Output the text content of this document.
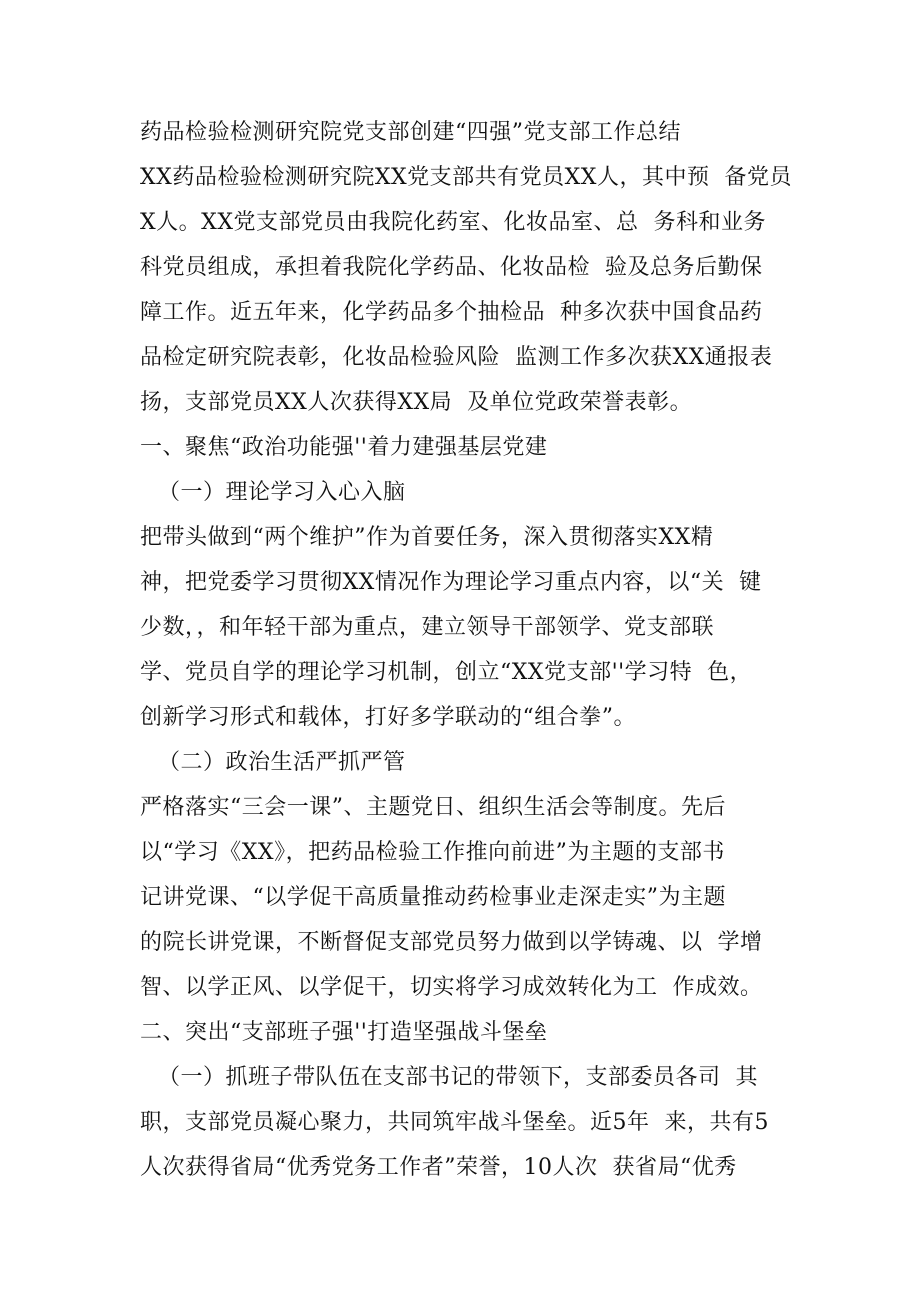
药品检验检测研究院党支部创建“四强”党支部工作总结
XX药品检验检测研究院XX党支部共有党员XX人，其中预  备党员
X人。XX党支部党员由我院化药室、化妆品室、总  务科和业务
科党员组成，承担着我院化学药品、化妆品检  验及总务后勤保
障工作。近五年来，化学药品多个抽检品  种多次获中国食品药
品检定研究院表彰，化妆品检验风险  监测工作多次获XX通报表
扬，支部党员XX人次获得XX局  及单位党政荣誉表彰。
一、聚焦“政治功能强''着力建强基层党建
（一）理论学习入心入脑
把带头做到“两个维护”作为首要任务，深入贯彻落实XX精
神，把党委学习贯彻XX情况作为理论学习重点内容，以“关  键
少数，，和年轻干部为重点，建立领导干部领学、党支部联
学、党员自学的理论学习机制，创立“XX党支部''学习特  色，
创新学习形式和载体，打好多学联动的“组合拳”。
（二）政治生活严抓严管
严格落实“三会一课”、主题党日、组织生活会等制度。先后
以“学习《XX》，把药品检验工作推向前进”为主题的支部书
记讲党课、“以学促干高质量推动药检事业走深走实”为主题
的院长讲党课，不断督促支部党员努力做到以学铸魂、以  学增
智、以学正风、以学促干，切实将学习成效转化为工  作成效。
二、突出“支部班子强''打造坚强战斗堡垒
（一）抓班子带队伍在支部书记的带领下，支部委员各司  其
职，支部党员凝心聚力，共同筑牢战斗堡垒。近5年  来，共有5
人次获得省局“优秀党务工作者”荣誉，10人次  获省局“优秀
